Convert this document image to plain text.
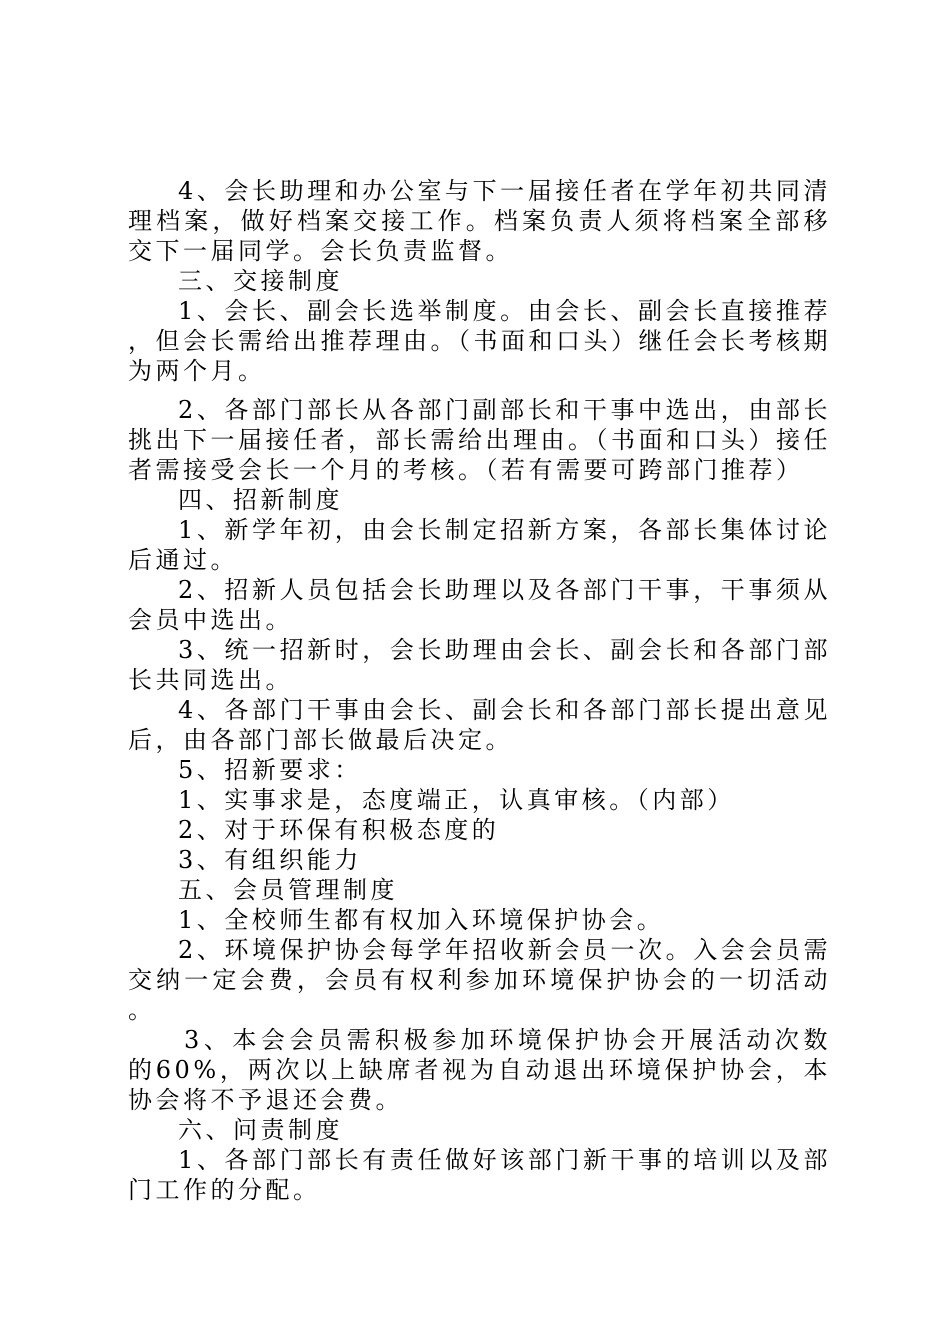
4、会长助理和办公室与下一届接任者在学年初共同清理档案，做好档案交接工作。档案负责人须将档案全部移交下一届同学。会长负责监督。

三、交接制度

1、会长、副会长选举制度。由会长、副会长直接推荐，但会长需给出推荐理由。（书面和口头）继任会长考核期为两个月。

2、各部门部长从各部门副部长和干事中选出，由部长挑出下一届接任者，部长需给出理由。（书面和口头）接任者需接受会长一个月的考核。（若有需要可跨部门推荐）

四、招新制度

1、新学年初，由会长制定招新方案，各部长集体讨论后通过。

2、招新人员包括会长助理以及各部门干事，干事须从会员中选出。

3、统一招新时，会长助理由会长、副会长和各部门部长共同选出。

4、各部门干事由会长、副会长和各部门部长提出意见后，由各部门部长做最后决定。

5、招新要求：

1、实事求是，态度端正，认真审核。（内部）

2、对于环保有积极态度的

3、有组织能力

五、会员管理制度

1、全校师生都有权加入环境保护协会。

2、环境保护协会每学年招收新会员一次。入会会员需交纳一定会费，会员有权利参加环境保护协会的一切活动。

3、本会会员需积极参加环境保护协会开展活动次数的60%，两次以上缺席者视为自动退出环境保护协会，本协会将不予退还会费。

六、问责制度

1、各部门部长有责任做好该部门新干事的培训以及部门工作的分配。
